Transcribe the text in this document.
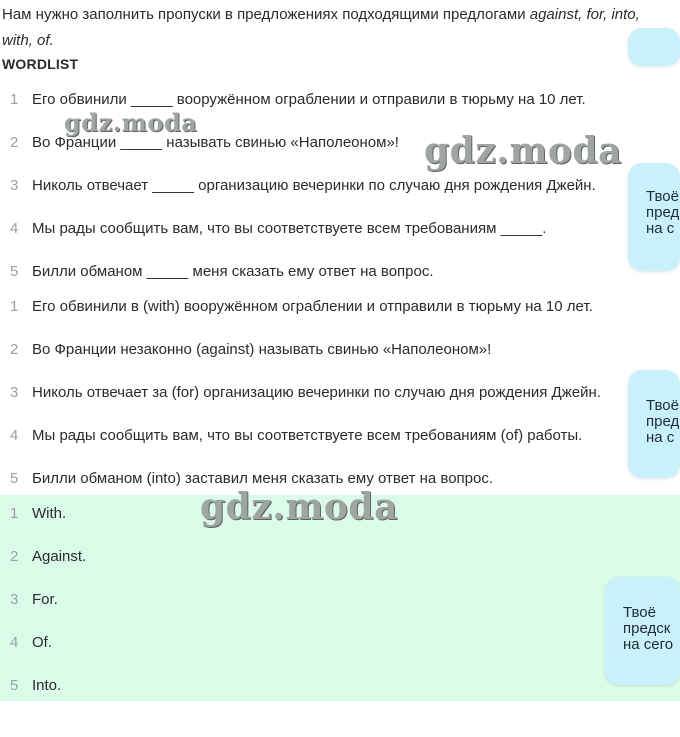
Нам нужно заполнить пропуски в предложениях подходящими предлогами against, for, into, with, of.
WORDLIST
1 Его обвинили _____ вооружённом ограблении и отправили в тюрьму на 10 лет.
2 Во Франции _____ называть свинью «Наполеоном»!
3 Николь отвечает _____ организацию вечеринки по случаю дня рождения Джейн.
4 Мы рады сообщить вам, что вы соответствуете всем требованиям _____.
5 Билли обманом _____ меня сказать ему ответ на вопрос.
1 Его обвинили в (with) вооружённом ограблении и отправили в тюрьму на 10 лет.
2 Во Франции незаконно (against) называть свинью «Наполеоном»!
3 Николь отвечает за (for) организацию вечеринки по случаю дня рождения Джейн.
4 Мы рады сообщить вам, что вы соответствуете всем требованиям (of) работы.
5 Билли обманом (into) заставил меня сказать ему ответ на вопрос.
1 With.
2 Against.
3 For.
4 Of.
5 Into.
Твоё
пред
на с
Твоё
пред
на с
Твоё
предск
на сего
gdz.moda
gdz.moda
gdz.moda
